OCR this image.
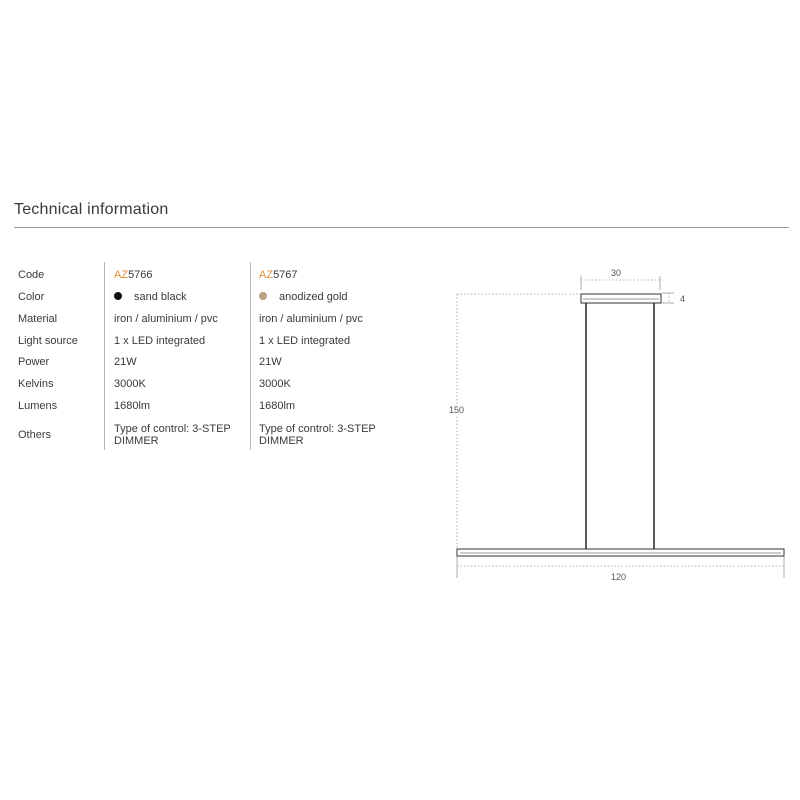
Technical information
Code
Color
Material
Light source
Power
Kelvins
Lumens
Others
AZ5766
sand black
iron / aluminium / pvc
1 x LED integrated
21W
3000K
1680lm
Type of control: 3-STEP DIMMER
AZ5767
anodized gold
iron / aluminium / pvc
1 x LED integrated
21W
3000K
1680lm
Type of control: 3-STEP DIMMER
30
4
150
120
